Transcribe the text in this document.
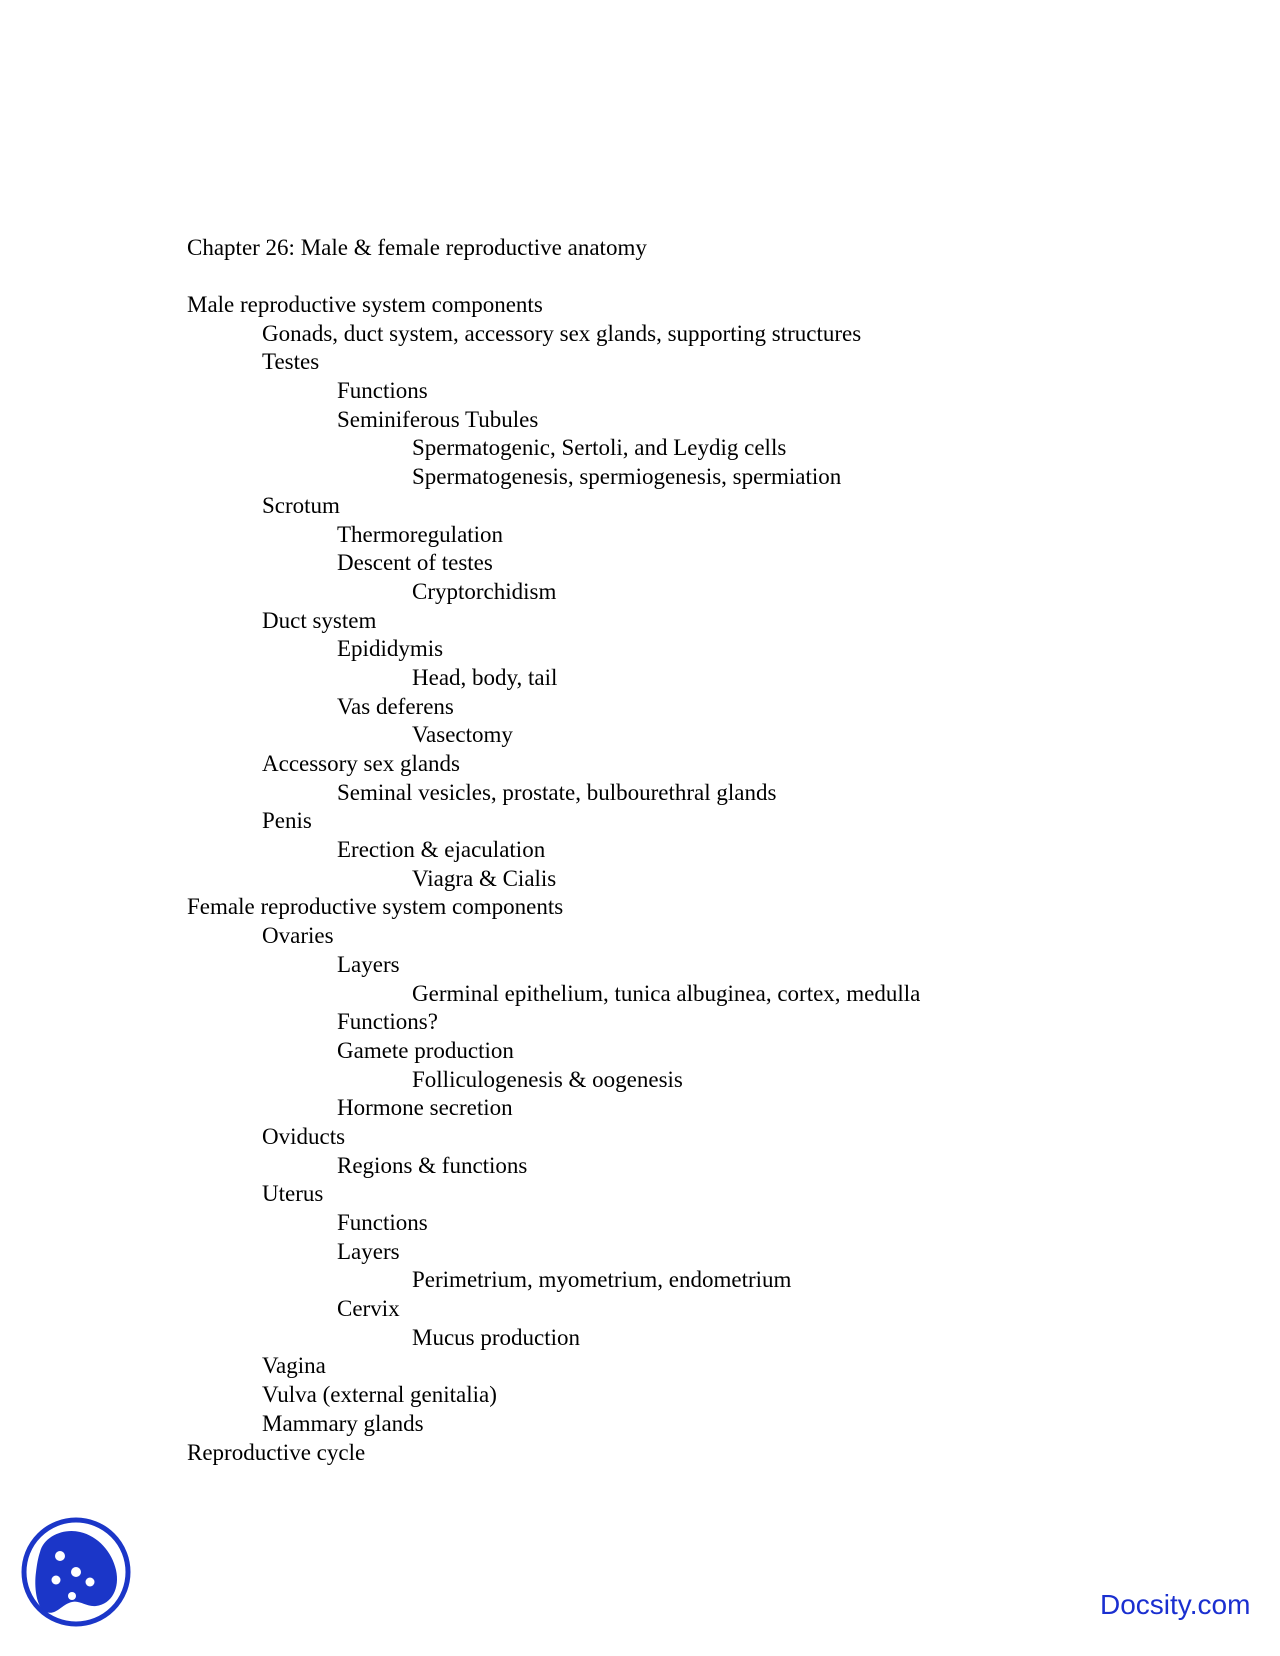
Chapter 26: Male & female reproductive anatomy
Male reproductive system components
Gonads, duct system, accessory sex glands, supporting structures
Testes
Functions
Seminiferous Tubules
Spermatogenic, Sertoli, and Leydig cells
Spermatogenesis, spermiogenesis, spermiation
Scrotum
Thermoregulation
Descent of testes
Cryptorchidism
Duct system
Epididymis
Head, body, tail
Vas deferens
Vasectomy
Accessory sex glands
Seminal vesicles, prostate, bulbourethral glands
Penis
Erection & ejaculation
Viagra & Cialis
Female reproductive system components
Ovaries
Layers
Germinal epithelium, tunica albuginea, cortex, medulla
Functions?
Gamete production
Folliculogenesis & oogenesis
Hormone secretion
Oviducts
Regions & functions
Uterus
Functions
Layers
Perimetrium, myometrium, endometrium
Cervix
Mucus production
Vagina
Vulva (external genitalia)
Mammary glands
Reproductive cycle
Docsity.com
